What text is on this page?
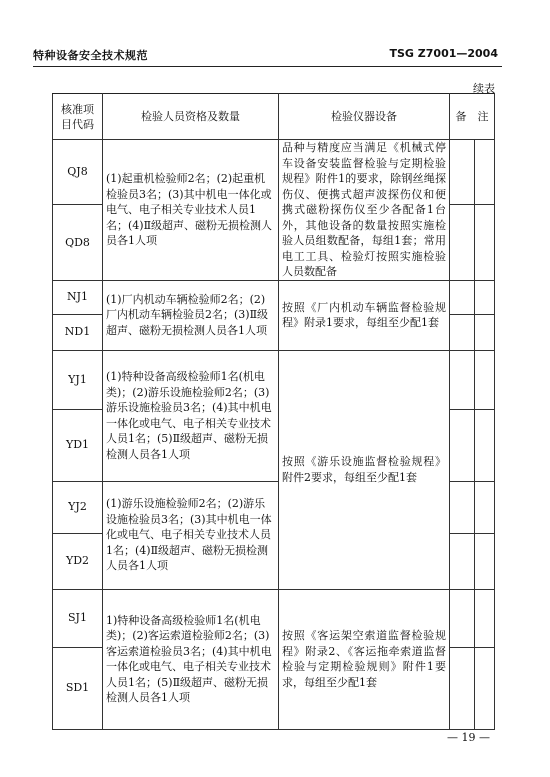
特种设备安全技术规范	TSG Z7001—2004
续表
核准项目代码	检验人员资格及数量	检验仪器设备	备　注	
QJ8	(1)起重机检验师2名；(2)起重机检验员3名；(3)其中机电一体化或电气、电子相关专业技术人员1名；(4)Ⅱ级超声、磁粉无损检测人员各1人项	品种与精度应当满足《机械式停车设备安装监督检验与定期检验规程》附件1的要求，除钢丝绳探伤仪、便携式超声波探伤仪和便携式磁粉探伤仪至少各配备1台外，其他设备的数量按照实施检验人员组数配备，每组1套；常用电工工具、检验灯按照实施检验人员数配备		
QD8				
NJ1	(1)厂内机动车辆检验师2名；(2)厂内机动车辆检验员2名；(3)Ⅱ级超声、磁粉无损检测人员各1人项	按照《厂内机动车辆监督检验规程》附录1要求，每组至少配1套		
ND1				
YJ1	(1)特种设备高级检验师1名(机电类)；(2)游乐设施检验师2名；(3)游乐设施检验员3名；(4)其中机电一体化或电气、电子相关专业技术人员1名；(5)Ⅱ级超声、磁粉无损检测人员各1人项	按照《游乐设施监督检验规程》附件2要求，每组至少配1套		
YD1				
YJ2	(1)游乐设施检验师2名；(2)游乐设施检验员3名；(3)其中机电一体化或电气、电子相关专业技术人员1名；(4)Ⅱ级超声、磁粉无损检测人员各1人项			
YD2				
SJ1	1)特种设备高级检验师1名(机电类)；(2)客运索道检验师2名；(3)客运索道检验员3名；(4)其中机电一体化或电气、电子相关专业技术人员1名；(5)Ⅱ级超声、磁粉无损检测人员各1人项	按照《客运架空索道监督检验规程》附录2、《客运拖牵索道监督检验与定期检验规则》附件1要求，每组至少配1套		
SD1				
— 19 —
